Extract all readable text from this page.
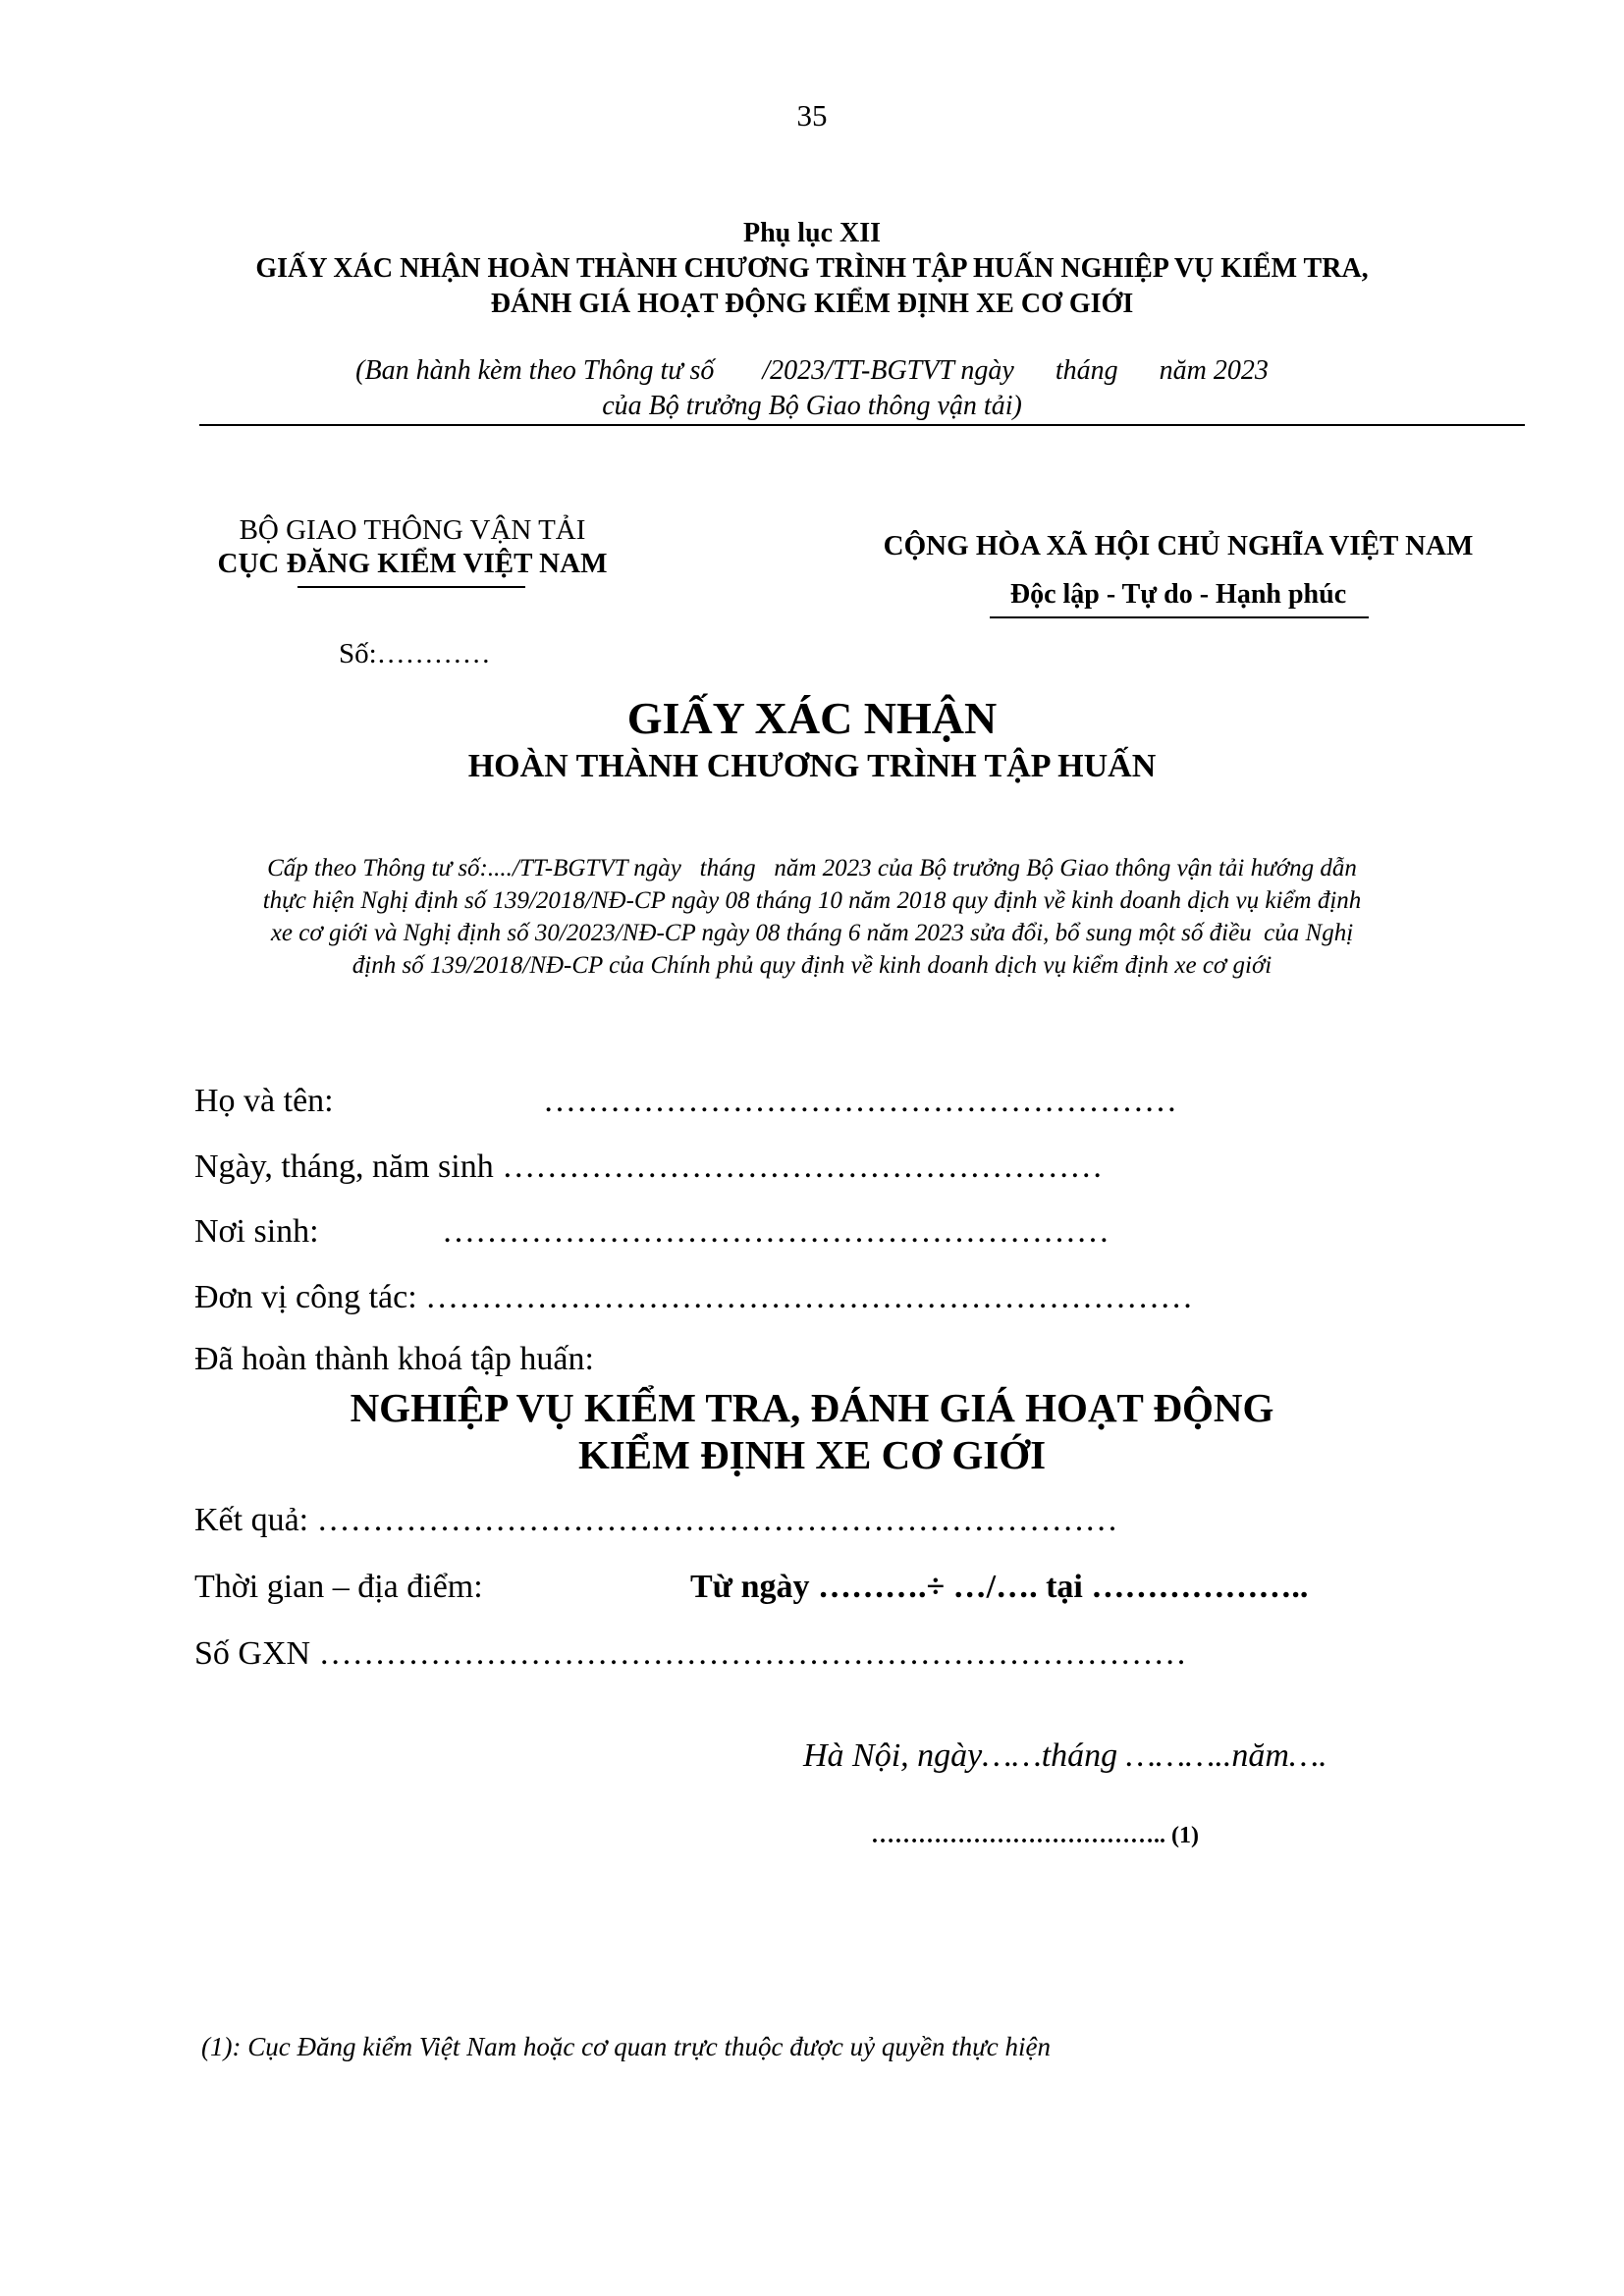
35
Phụ lục XII
GIẤY XÁC NHẬN HOÀN THÀNH CHƯƠNG TRÌNH TẬP HUẤN NGHIỆP VỤ KIỂM TRA,
ĐÁNH GIÁ HOẠT ĐỘNG KIỂM ĐỊNH XE CƠ GIỚI
(Ban hành kèm theo Thông tư số       /2023/TT-BGTVT ngày      tháng      năm 2023
của Bộ trưởng Bộ Giao thông vận tải)
BỘ GIAO THÔNG VẬN TẢI
CỤC ĐĂNG KIỂM VIỆT NAM
Số:…………
CỘNG HÒA XÃ HỘI CHỦ NGHĨA VIỆT NAM
Độc lập - Tự do - Hạnh phúc
GIẤY XÁC NHẬN
HOÀN THÀNH CHƯƠNG TRÌNH TẬP HUẤN
Cấp theo Thông tư số:..../TT-BGTVT ngày   tháng   năm 2023 của Bộ trưởng Bộ Giao thông vận tải hướng dẫn
thực hiện Nghị định số 139/2018/NĐ-CP ngày 08 tháng 10 năm 2018 quy định về kinh doanh dịch vụ kiểm định
xe cơ giới và Nghị định số 30/2023/NĐ-CP ngày 08 tháng 6 năm 2023 sửa đổi, bổ sung một số điều  của Nghị
định số 139/2018/NĐ-CP của Chính phủ quy định về kinh doanh dịch vụ kiểm định xe cơ giới
Họ và tên:	…………………………………………………
Ngày, tháng, năm sinh ………………………………………………
Nơi sinh:	……………………………………………………
Đơn vị công tác: ……………………………………………………………
Đã hoàn thành khoá tập huấn:
NGHIỆP VỤ KIỂM TRA, ĐÁNH GIÁ HOẠT ĐỘNG
KIỂM ĐỊNH XE CƠ GIỚI
Kết quả: ………………………………………………………………
Thời gian – địa điểm:	Từ ngày ……….÷ …/…. tại ………………..
Số GXN ……………………………………………………………………
Hà Nội, ngày……tháng ………..năm….
……………………………….. (1)
(1): Cục Đăng kiểm Việt Nam hoặc cơ quan trực thuộc được uỷ quyền thực hiện
